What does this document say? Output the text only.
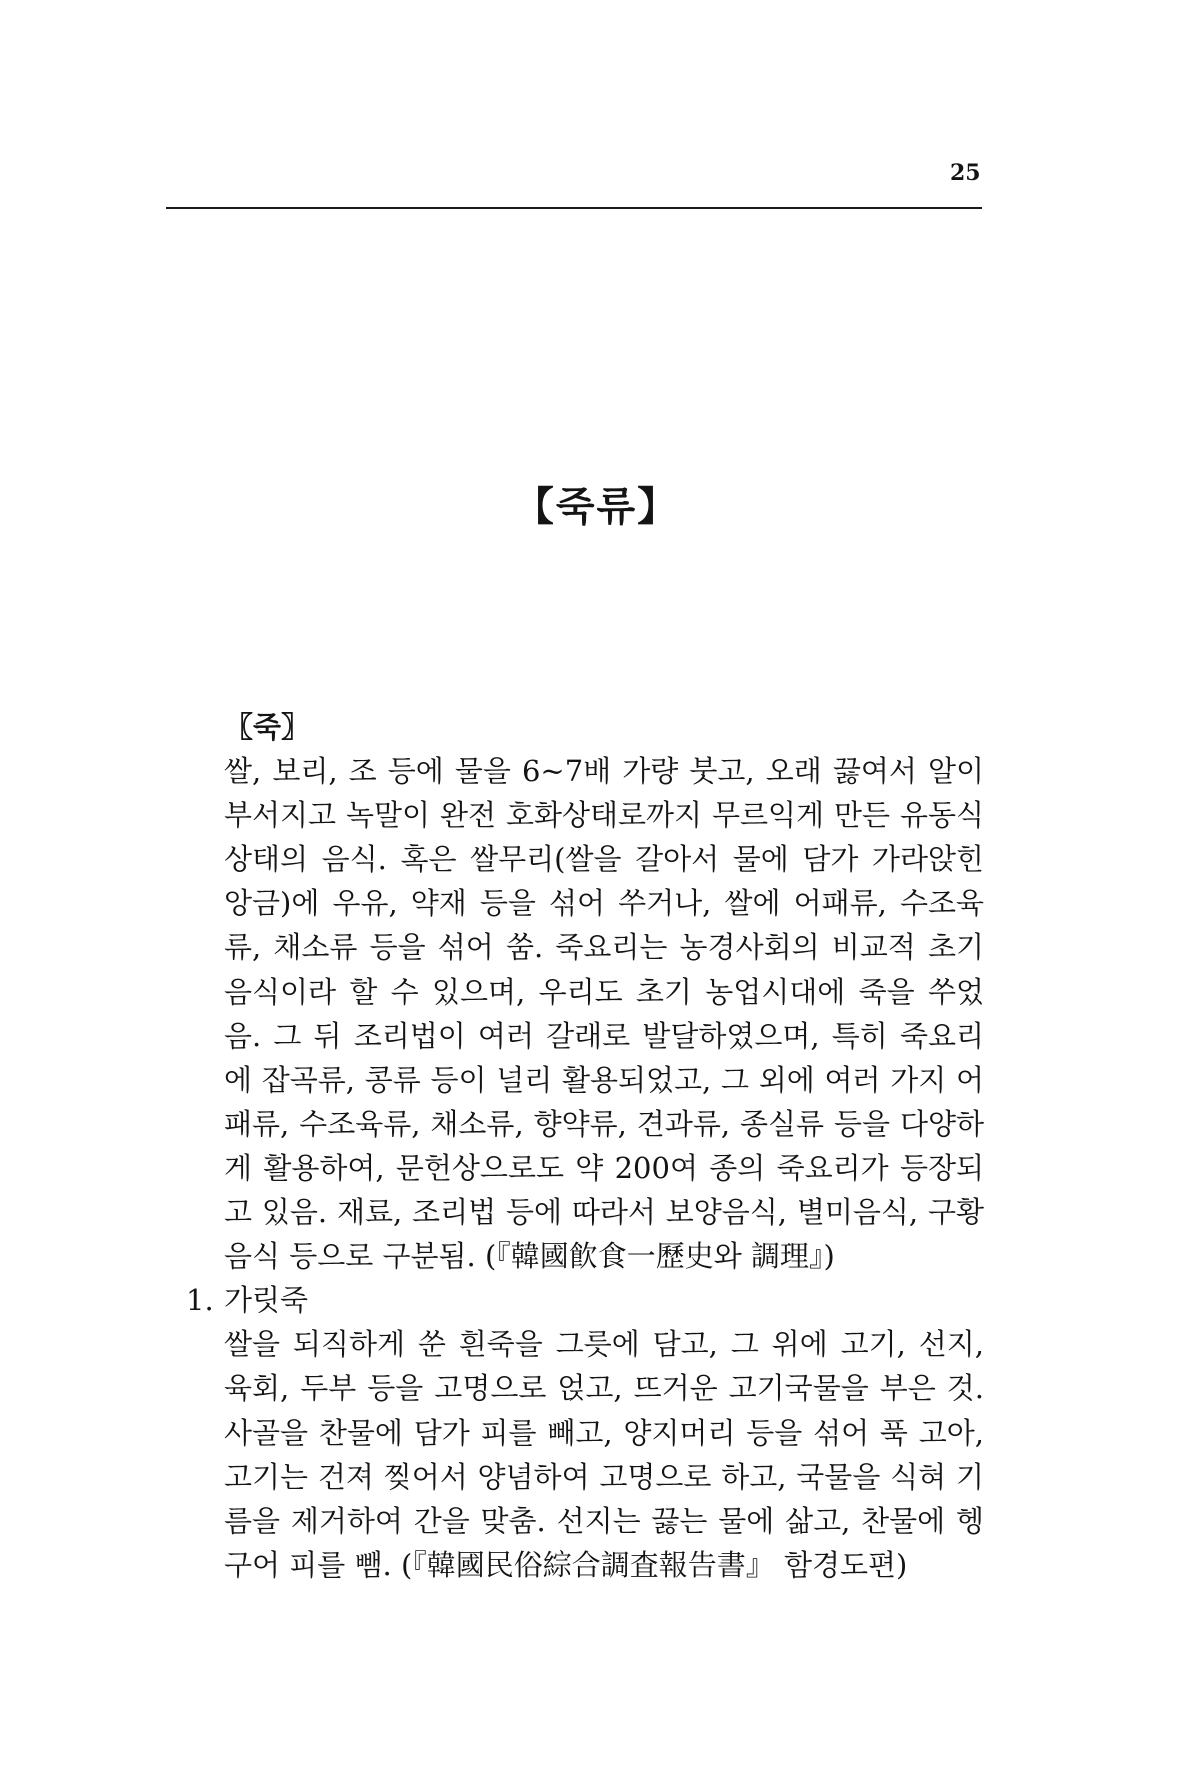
25
【죽류】
〖죽〗
쌀, 보리, 조 등에 물을 6~7배 가량 붓고, 오래 끓여서 알이 부서지고 녹말이 완전 호화상태로까지 무르익게 만든 유동식 상태의 음식. 혹은 쌀무리(쌀을 갈아서 물에 담가 가라앉힌 앙금)에 우유, 약재 등을 섞어 쑤거나, 쌀에 어패류, 수조육류, 채소류 등을 섞어 쑴. 죽요리는 농경사회의 비교적 초기 음식이라 할 수 있으며, 우리도 초기 농업시대에 죽을 쑤었음. 그 뒤 조리법이 여러 갈래로 발달하였으며, 특히 죽요리에 잡곡류, 콩류 등이 널리 활용되었고, 그 외에 여러 가지 어패류, 수조육류, 채소류, 향약류, 견과류, 종실류 등을 다양하게 활용하여, 문헌상으로도 약 200여 종의 죽요리가 등장되고 있음. 재료, 조리법 등에 따라서 보양음식, 별미음식, 구황음식 등으로 구분됨. (『韓國飮食一歷史와 調理』)
1. 가릿죽
쌀을 되직하게 쑨 흰죽을 그릇에 담고, 그 위에 고기, 선지, 육회, 두부 등을 고명으로 얹고, 뜨거운 고기국물을 부은 것. 사골을 찬물에 담가 피를 빼고, 양지머리 등을 섞어 푹 고아, 고기는 건져 찢어서 양념하여 고명으로 하고, 국물을 식혀 기름을 제거하여 간을 맞춤. 선지는 끓는 물에 삶고, 찬물에 헹구어 피를 뺌. (『韓國民俗綜合調査報告書』 함경도편)
